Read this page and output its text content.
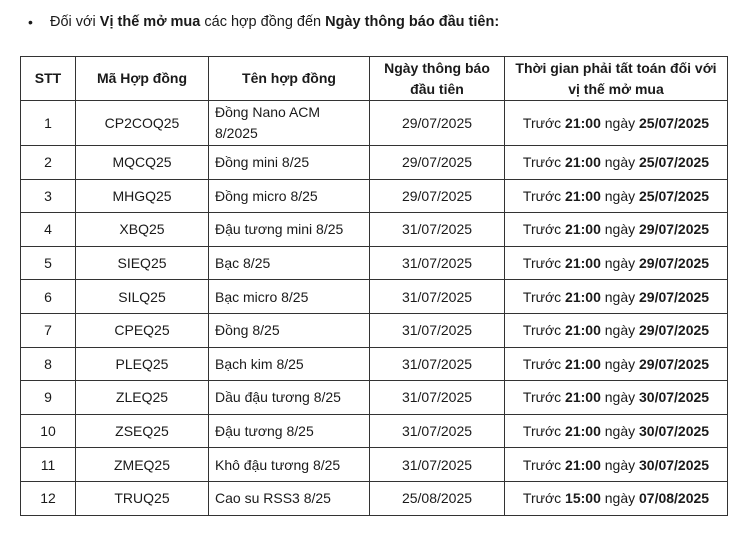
• Đối với Vị thế mở mua các hợp đồng đến Ngày thông báo đầu tiên:
STT	Mã Hợp đồng	Tên hợp đồng	Ngày thông báo đầu tiên	Thời gian phải tất toán đối với vị thế mở mua
1	CP2COQ25	Đồng Nano ACM 8/2025	29/07/2025	Trước 21:00 ngày 25/07/2025
2	MQCQ25	Đồng mini 8/25	29/07/2025	Trước 21:00 ngày 25/07/2025
3	MHGQ25	Đồng micro 8/25	29/07/2025	Trước 21:00 ngày 25/07/2025
4	XBQ25	Đậu tương mini 8/25	31/07/2025	Trước 21:00 ngày 29/07/2025
5	SIEQ25	Bạc 8/25	31/07/2025	Trước 21:00 ngày 29/07/2025
6	SILQ25	Bạc micro 8/25	31/07/2025	Trước 21:00 ngày 29/07/2025
7	CPEQ25	Đồng 8/25	31/07/2025	Trước 21:00 ngày 29/07/2025
8	PLEQ25	Bạch kim 8/25	31/07/2025	Trước 21:00 ngày 29/07/2025
9	ZLEQ25	Dầu đậu tương 8/25	31/07/2025	Trước 21:00 ngày 30/07/2025
10	ZSEQ25	Đậu tương 8/25	31/07/2025	Trước 21:00 ngày 30/07/2025
11	ZMEQ25	Khô đậu tương 8/25	31/07/2025	Trước 21:00 ngày 30/07/2025
12	TRUQ25	Cao su RSS3 8/25	25/08/2025	Trước 15:00 ngày 07/08/2025
